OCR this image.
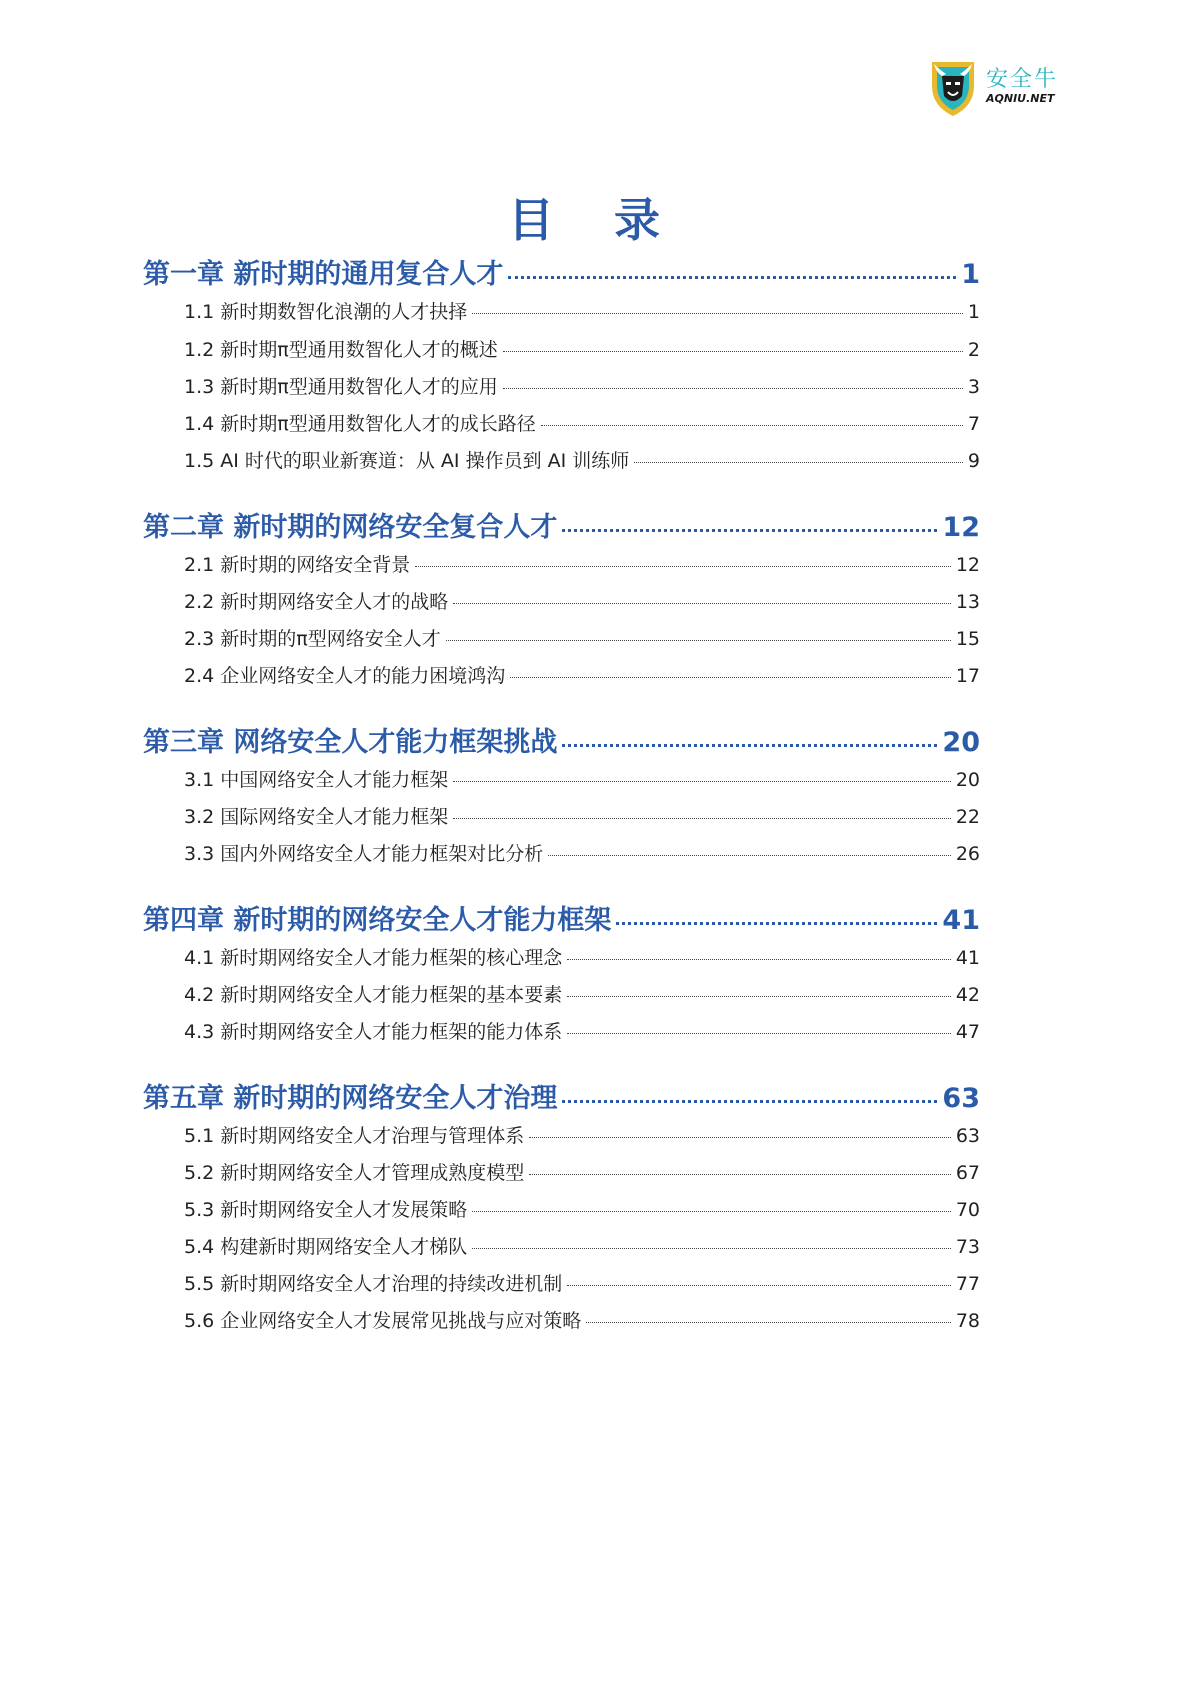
安全牛
AQNIU.NET
目 录
第一章 新时期的通用复合人才	1
1.1 新时期数智化浪潮的人才抉择	1
1.2 新时期π型通用数智化人才的概述	2
1.3 新时期π型通用数智化人才的应用	3
1.4 新时期π型通用数智化人才的成长路径	7
1.5 AI 时代的职业新赛道：从 AI 操作员到 AI 训练师	9
第二章 新时期的网络安全复合人才	12
2.1 新时期的网络安全背景	12
2.2 新时期网络安全人才的战略	13
2.3 新时期的π型网络安全人才	15
2.4 企业网络安全人才的能力困境鸿沟	17
第三章 网络安全人才能力框架挑战	20
3.1 中国网络安全人才能力框架	20
3.2 国际网络安全人才能力框架	22
3.3 国内外网络安全人才能力框架对比分析	26
第四章 新时期的网络安全人才能力框架	41
4.1 新时期网络安全人才能力框架的核心理念	41
4.2 新时期网络安全人才能力框架的基本要素	42
4.3 新时期网络安全人才能力框架的能力体系	47
第五章 新时期的网络安全人才治理	63
5.1 新时期网络安全人才治理与管理体系	63
5.2 新时期网络安全人才管理成熟度模型	67
5.3 新时期网络安全人才发展策略	70
5.4 构建新时期网络安全人才梯队	73
5.5 新时期网络安全人才治理的持续改进机制	77
5.6 企业网络安全人才发展常见挑战与应对策略	78
